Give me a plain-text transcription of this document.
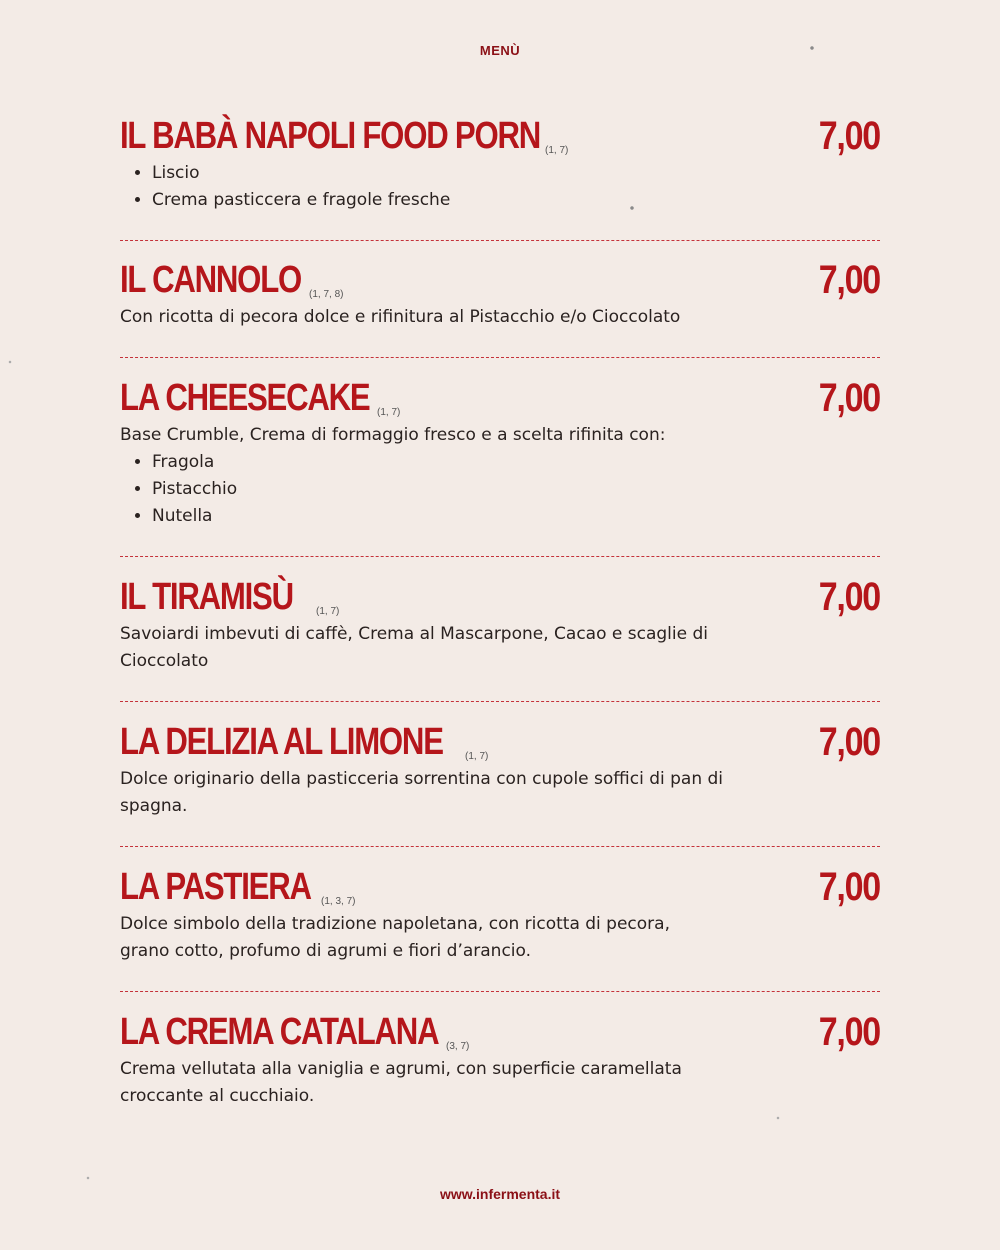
MENÙ
IL BABÀ NAPOLI FOOD PORN (1, 7)	7,00
• Liscio
• Crema pasticcera e fragole fresche
IL CANNOLO (1, 7, 8)	7,00
Con ricotta di pecora dolce e rifinitura al Pistacchio e/o Cioccolato
LA CHEESECAKE (1, 7)	7,00
Base Crumble, Crema di formaggio fresco e a scelta rifinita con:
• Fragola
• Pistacchio
• Nutella
IL TIRAMISÙ (1, 7)	7,00
Savoiardi imbevuti di caffè, Crema al Mascarpone, Cacao e scaglie di Cioccolato
LA DELIZIA AL LIMONE (1, 7)	7,00
Dolce originario della pasticceria sorrentina con cupole soffici di pan di spagna.
LA PASTIERA (1, 3, 7)	7,00
Dolce simbolo della tradizione napoletana, con ricotta di pecora, grano cotto, profumo di agrumi e fiori d’arancio.
LA CREMA CATALANA (3, 7)	7,00
Crema vellutata alla vaniglia e agrumi, con superficie caramellata croccante al cucchiaio.
www.infermenta.it
